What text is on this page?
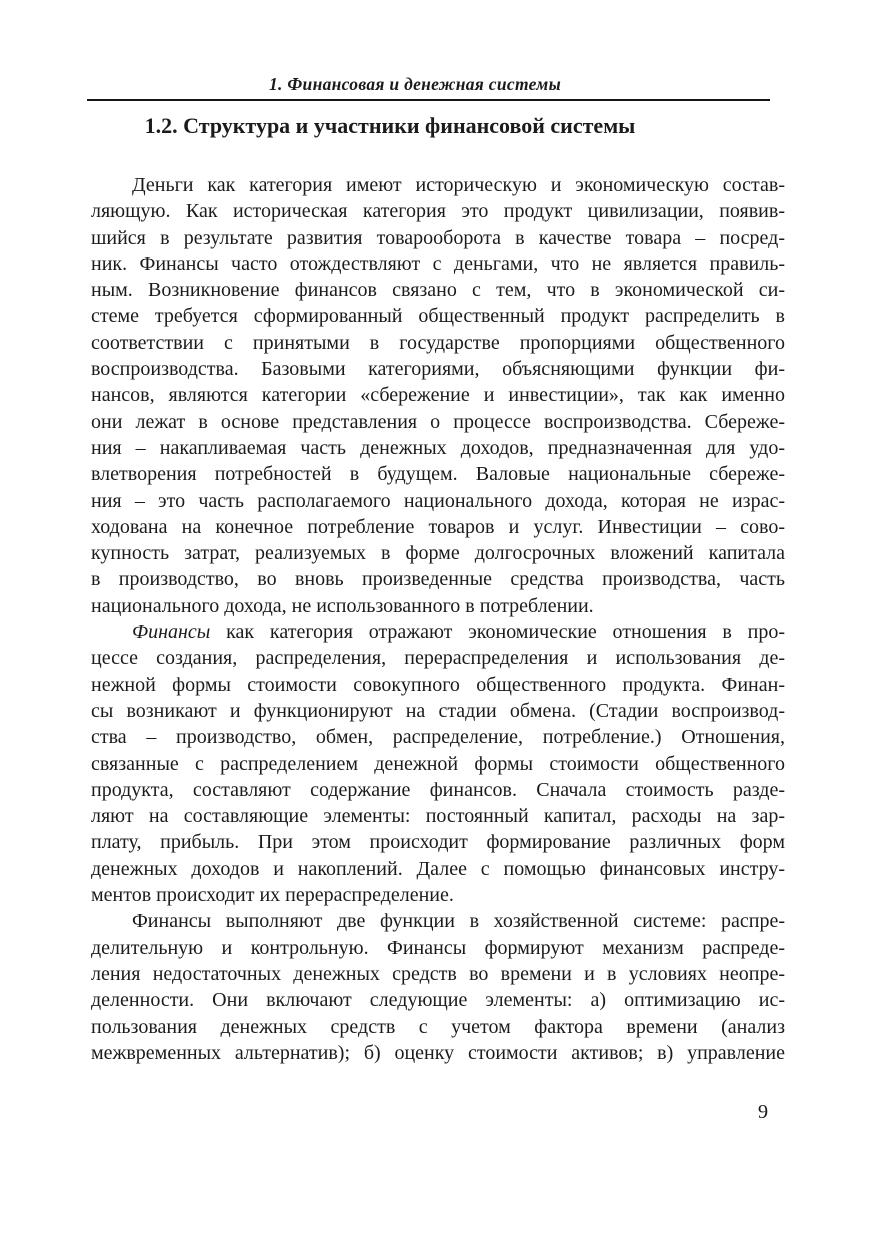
1. Финансовая и денежная системы
1.2. Структура и участники финансовой системы
Деньги как категория имеют историческую и экономическую состав-
ляющую. Как историческая категория это продукт цивилизации, появив-
шийся в результате развития товарооборота в качестве товара – посред-
ник. Финансы часто отождествляют с деньгами, что не является правиль-
ным. Возникновение финансов связано с тем, что в экономической си-
стеме требуется сформированный общественный продукт распределить в
соответствии с принятыми в государстве пропорциями общественного
воспроизводства. Базовыми категориями, объясняющими функции фи-
нансов, являются категории «сбережение и инвестиции», так как именно
они лежат в основе представления о процессе воспроизводства. Сбереже-
ния – накапливаемая часть денежных доходов, предназначенная для удо-
влетворения потребностей в будущем. Валовые национальные сбереже-
ния – это часть располагаемого национального дохода, которая не израс-
ходована на конечное потребление товаров и услуг. Инвестиции – сово-
купность затрат, реализуемых в форме долгосрочных вложений капитала
в производство, во вновь произведенные средства производства, часть
национального дохода, не использованного в потреблении.
Финансы как категория отражают экономические отношения в про-
цессе создания, распределения, перераспределения и использования де-
нежной формы стоимости совокупного общественного продукта. Финан-
сы возникают и функционируют на стадии обмена. (Стадии воспроизвод-
ства – производство, обмен, распределение, потребление.) Отношения,
связанные с распределением денежной формы стоимости общественного
продукта, составляют содержание финансов. Сначала стоимость разде-
ляют на составляющие элементы: постоянный капитал, расходы на зар-
плату, прибыль. При этом происходит формирование различных форм
денежных доходов и накоплений. Далее с помощью финансовых инстру-
ментов происходит их перераспределение.
Финансы выполняют две функции в хозяйственной системе: распре-
делительную и контрольную. Финансы формируют механизм распреде-
ления недостаточных денежных средств во времени и в условиях неопре-
деленности. Они включают следующие элементы: а) оптимизацию ис-
пользования денежных средств с учетом фактора времени (анализ
межвременных альтернатив); б) оценку стоимости активов; в) управление
9
